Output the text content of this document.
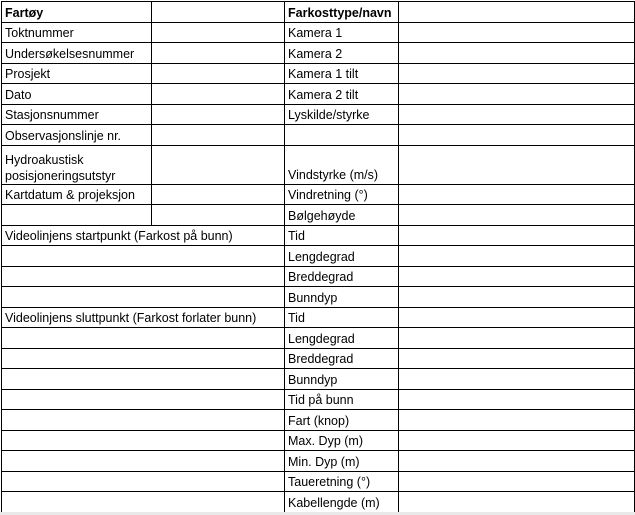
Fartøy		Farkosttype/navn	
Toktnummer		Kamera 1	
Undersøkelsesnummer		Kamera 2	
Prosjekt		Kamera 1 tilt	
Dato		Kamera 2 tilt	
Stasjonsnummer		Lyskilde/styrke	
Observasjonslinje nr.			
Hydroakustisk posisjoneringsutstyr		Vindstyrke (m/s)	
Kartdatum & projeksjon		Vindretning (°)	
		Bølgehøyde	
Videolinjens startpunkt (Farkost på bunn)		Tid	
		Lengdegrad	
		Breddegrad	
		Bunndyp	
Videolinjens sluttpunkt (Farkost forlater bunn)		Tid	
		Lengdegrad	
		Breddegrad	
		Bunndyp	
		Tid på bunn	
		Fart (knop)	
		Max. Dyp (m)	
		Min. Dyp (m)	
		Taueretning (°)	
		Kabellengde (m)	
